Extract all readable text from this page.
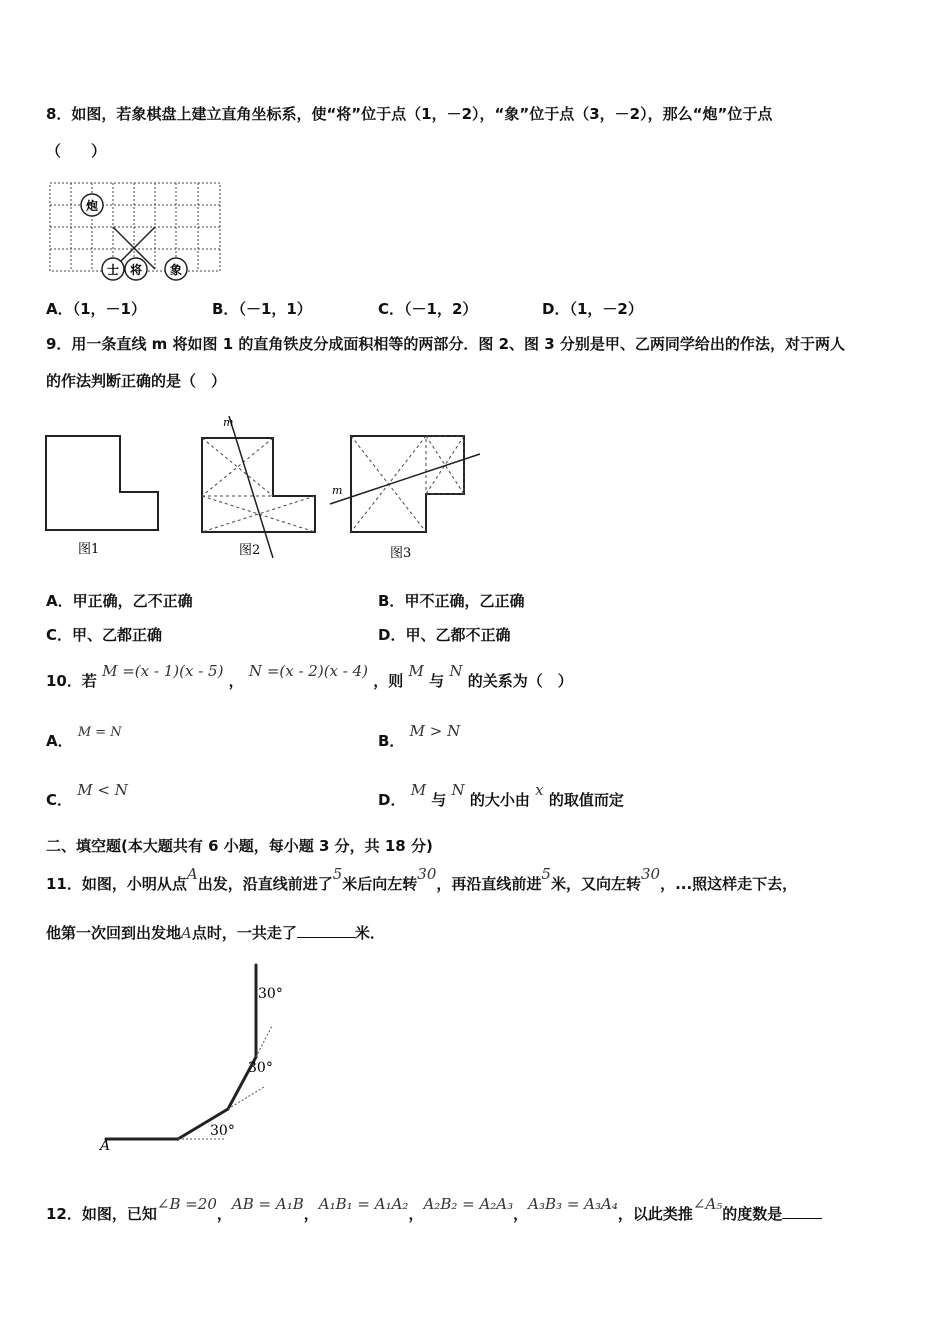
8．如图，若象棋盘上建立直角坐标系，使“将”位于点（1，－2），“象”位于点（3，－2），那么“炮”位于点
（　　）
炮
士 将 象
A．（1，－1）	B．（－1，1）	C．（－1，2）	D．（1，－2）
9．用一条直线 m 将如图 1 的直角铁皮分成面积相等的两部分．图 2、图 3 分别是甲、乙两同学给出的作法，对于两人
的作法判断正确的是（　）
图1
m
图2
m
图3
A．甲正确，乙不正确	B．甲不正确，乙正确
C．甲、乙都正确	D．甲、乙都不正确
10．若 M =(x - 1)(x - 5) ， N =(x - 2)(x - 4) ，则 M 与 N 的关系为（　）
A． M = N	B． M > N
C． M < N
D． M 与 N 的大小由 x 的取值而定
二、填空题(本大题共有 6 小题，每小题 3 分，共 18 分)
11．如图，小明从点A出发，沿直线前进了5米后向左转30，再沿直线前进5米，又向左转30，...照这样走下去，
他第一次回到出发地A点时，一共走了	米．
A
30°
30°
30°
12．如图，已知∠B =20，AB = A₁B，A₁B₁ = A₁A₂，A₂B₂ = A₂A₃，A₃B₃ = A₃A₄，以此类推∠A₅的度数是
